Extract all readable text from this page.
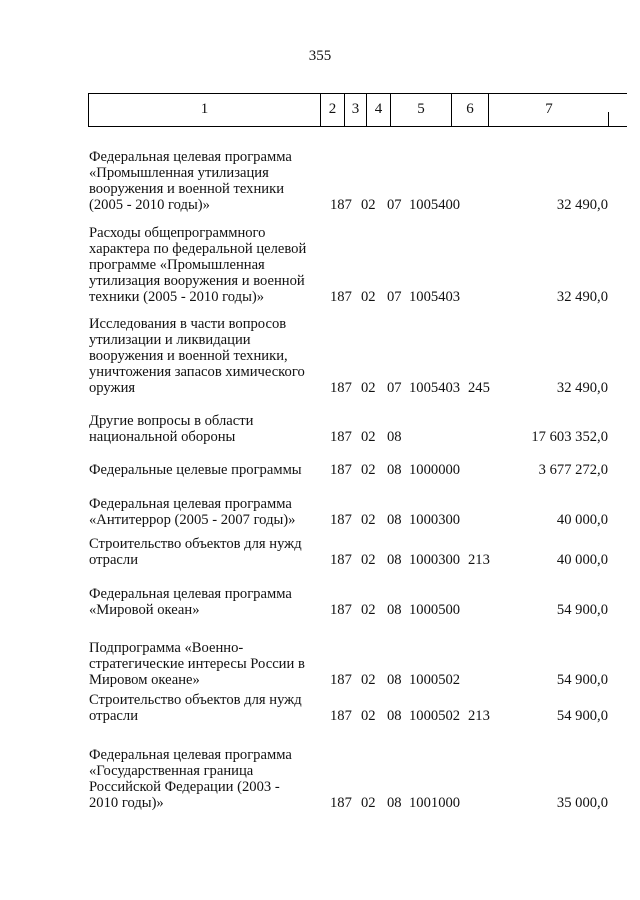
355
1	2	3	4	5	6	7
Федеральная целевая программа
«Промышленная утилизация
вооружения и военной техники
(2005 - 2010 годы)»	187 02 07 1005400	32 490,0
Расходы общепрограммного
характера по федеральной целевой
программе «Промышленная
утилизация вооружения и военной
техники (2005 - 2010 годы)»	187 02 07 1005403	32 490,0
Исследования в части вопросов
утилизации и ликвидации
вооружения и военной техники,
уничтожения запасов химического
оружия	187 02 07 1005403 245	32 490,0
Другие вопросы в области
национальной обороны	187 02 08	17 603 352,0
Федеральные целевые программы	187 02 08 1000000	3 677 272,0
Федеральная целевая программа
«Антитеррор (2005 - 2007 годы)»	187 02 08 1000300	40 000,0
Строительство объектов для нужд
отрасли	187 02 08 1000300 213	40 000,0
Федеральная целевая программа
«Мировой океан»	187 02 08 1000500	54 900,0
Подпрограмма «Военно-
стратегические интересы России в
Мировом океане»	187 02 08 1000502	54 900,0
Строительство объектов для нужд
отрасли	187 02 08 1000502 213	54 900,0
Федеральная целевая программа
«Государственная граница
Российской Федерации (2003 -
2010 годы)»	187 02 08 1001000	35 000,0
